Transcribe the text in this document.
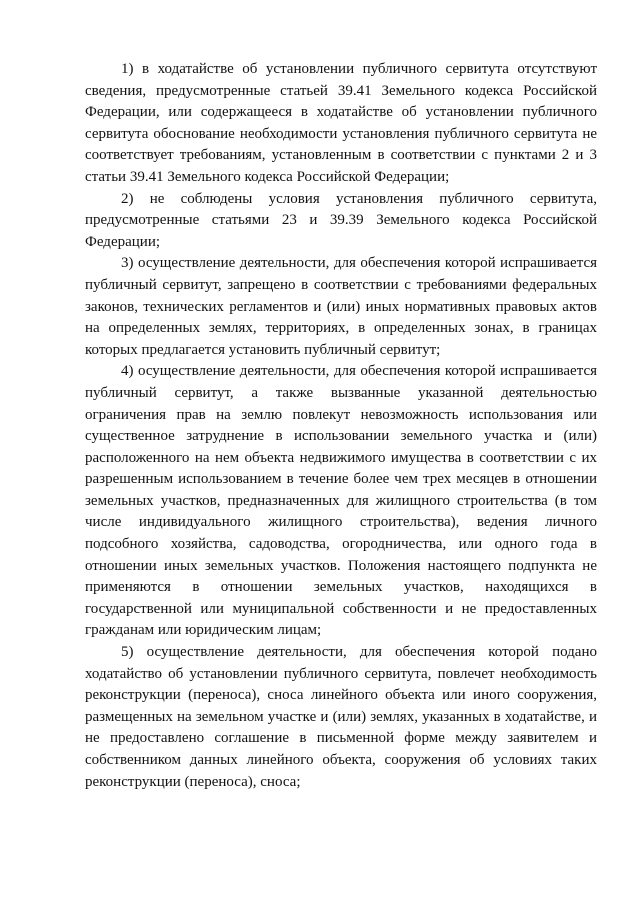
1) в ходатайстве об установлении публичного сервитута отсутствуют сведения, предусмотренные статьей 39.41 Земельного кодекса Российской Федерации, или содержащееся в ходатайстве об установлении публичного сервитута обоснование необходимости установления публичного сервитута не соответствует требованиям, установленным в соответствии с пунктами 2 и 3 статьи 39.41 Земельного кодекса Российской Федерации;

2) не соблюдены условия установления публичного сервитута, предусмотренные статьями 23 и 39.39 Земельного кодекса Российской Федерации;

3) осуществление деятельности, для обеспечения которой испрашивается публичный сервитут, запрещено в соответствии с требованиями федеральных законов, технических регламентов и (или) иных нормативных правовых актов на определенных землях, территориях, в определенных зонах, в границах которых предлагается установить публичный сервитут;

4) осуществление деятельности, для обеспечения которой испрашивается публичный сервитут, а также вызванные указанной деятельностью ограничения прав на землю повлекут невозможность использования или существенное затруднение в использовании земельного участка и (или) расположенного на нем объекта недвижимого имущества в соответствии с их разрешенным использованием в течение более чем трех месяцев в отношении земельных участков, предназначенных для жилищного строительства (в том числе индивидуального жилищного строительства), ведения личного подсобного хозяйства, садоводства, огородничества, или одного года в отношении иных земельных участков. Положения настоящего подпункта не применяются в отношении земельных участков, находящихся в государственной или муниципальной собственности и не предоставленных гражданам или юридическим лицам;

5) осуществление деятельности, для обеспечения которой подано ходатайство об установлении публичного сервитута, повлечет необходимость реконструкции (переноса), сноса линейного объекта или иного сооружения, размещенных на земельном участке и (или) землях, указанных в ходатайстве, и не предоставлено соглашение в письменной форме между заявителем и собственником данных линейного объекта, сооружения об условиях таких реконструкции (переноса), сноса;
